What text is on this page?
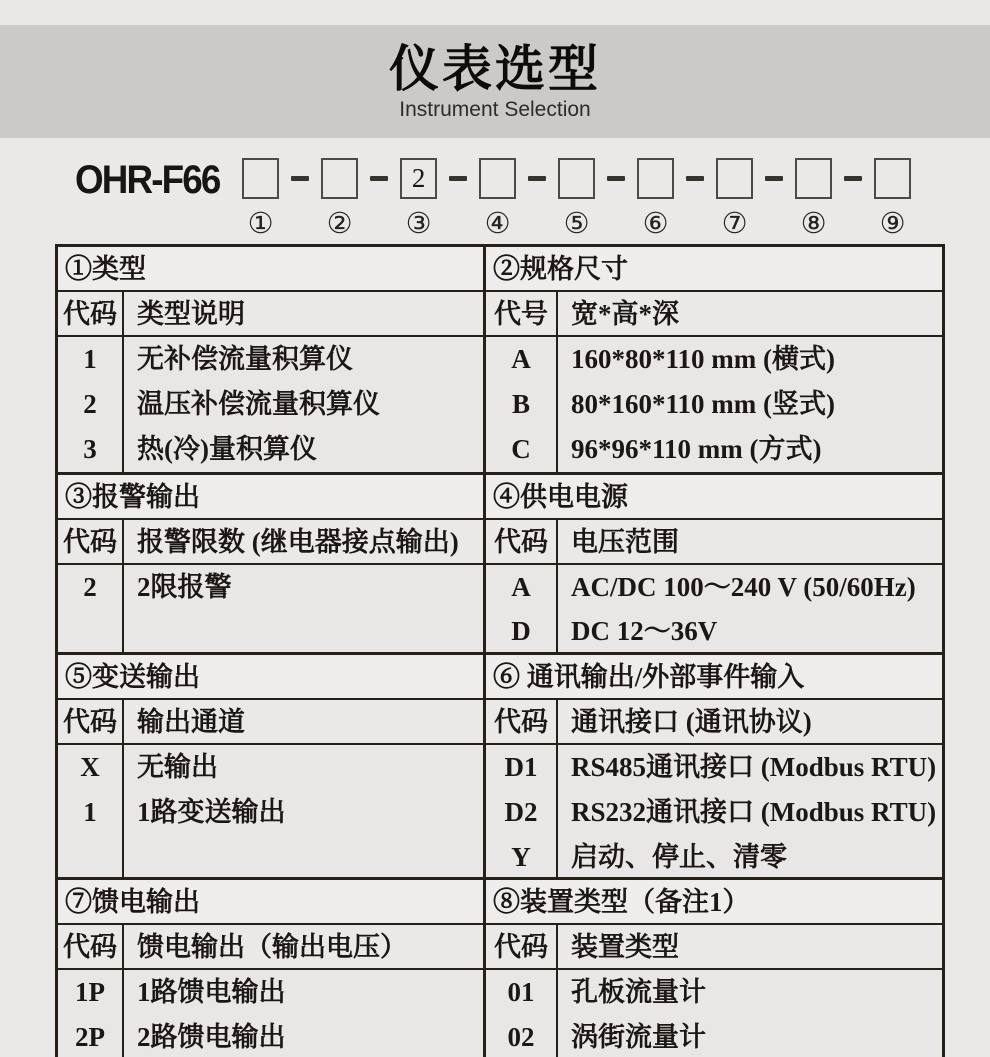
仪表选型
Instrument Selection
OHR-F66
① ②
2
③ ④ ⑤ ⑥ ⑦ ⑧ ⑨
①类型
代码 类型说明
1
2
3
无补偿流量积算仪
温压补偿流量积算仪
热(冷)量积算仪
②规格尺寸
代号 宽*高*深
A
B
C
160*80*110 mm (横式)
80*160*110 mm (竖式)
96*96*110 mm (方式)
③报警输出
代码 报警限数 (继电器接点输出)
2	2限报警
④供电电源
代码 电压范围
A
D
AC/DC 100～240 V (50/60Hz)
DC 12～36V
⑤变送输出
代码 输出通道
X
1
无输出
1路变送输出
⑥ 通讯输出/外部事件输入
代码 通讯接口 (通讯协议)
D1
D2
Y
RS485通讯接口 (Modbus RTU)
RS232通讯接口 (Modbus RTU)
启动、停止、清零
⑦馈电输出
代码 馈电输出（输出电压）
1P
2P
1路馈电输出
2路馈电输出
⑧装置类型（备注1）
代码 装置类型
01
02
孔板流量计
涡街流量计
